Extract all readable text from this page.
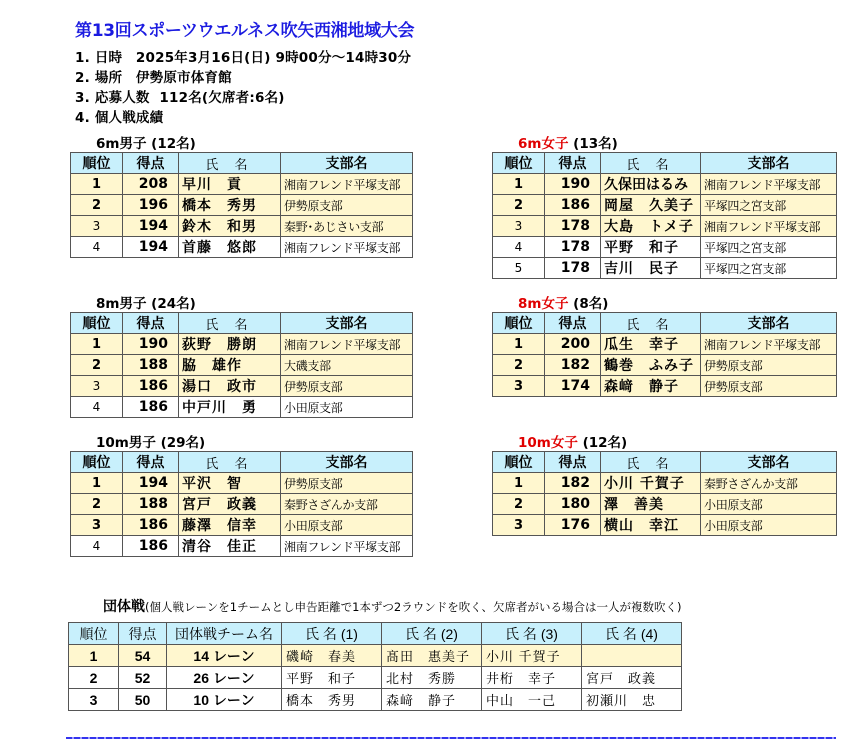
第13回スポーツウエルネス吹矢西湘地域大会
1. 日時　2025年3月16日(日) 9時00分～14時30分
2. 場所　伊勢原市体育館
3. 応募人数  112名(欠席者:6名)
4. 個人戦成績
6m男子 (12名)
順位	得点	氏 名	支部名
1	208	早川　貢	湘南フレンド平塚支部
2	196	橋本　秀男	伊勢原支部
3	194	鈴木　和男	秦野･あじさい支部
4	194	首藤　悠郎	湘南フレンド平塚支部
6m女子 (13名)
順位	得点	氏 名	支部名
1	190	久保田はるみ	湘南フレンド平塚支部
2	186	岡屋　久美子	平塚四之宮支部
3	178	大島　トメ子	湘南フレンド平塚支部
4	178	平野　和子	平塚四之宮支部
5	178	吉川　民子	平塚四之宮支部
8m男子 (24名)
順位	得点	氏 名	支部名
1	190	荻野　勝朗	湘南フレンド平塚支部
2	188	脇　雄作	大磯支部
3	186	湯口　政市	伊勢原支部
4	186	中戸川　勇	小田原支部
8m女子 (8名)
順位	得点	氏 名	支部名
1	200	瓜生　幸子	湘南フレンド平塚支部
2	182	鶴巻　ふみ子	伊勢原支部
3	174	森﨑　静子	伊勢原支部
10m男子 (29名)
順位	得点	氏 名	支部名
1	194	平沢　智	伊勢原支部
2	188	宮戸　政義	秦野さざんか支部
3	186	藤澤　信幸	小田原支部
4	186	清谷　佳正	湘南フレンド平塚支部
10m女子 (12名)
順位	得点	氏 名	支部名
1	182	小川 千賀子	秦野さざんか支部
2	180	澤　善美	小田原支部
3	176	横山　幸江	小田原支部
団体戦(個人戦レーンを1チームとし申告距離で1本ずつ2ラウンドを吹く、欠席者がいる場合は一人が複数吹く)
順位	得点	団体戦チーム名	氏 名 (1)	氏 名 (2)	氏 名 (3)	氏 名 (4)
1	54	14 レーン	磯崎　春美	髙田　惠美子	小川 千賀子	
2	52	26 レーン	平野　和子	北村　秀勝	井桁　幸子	宮戸　政義
3	50	10 レーン	橋本　秀男	森﨑　静子	中山　一己	初瀬川　忠
